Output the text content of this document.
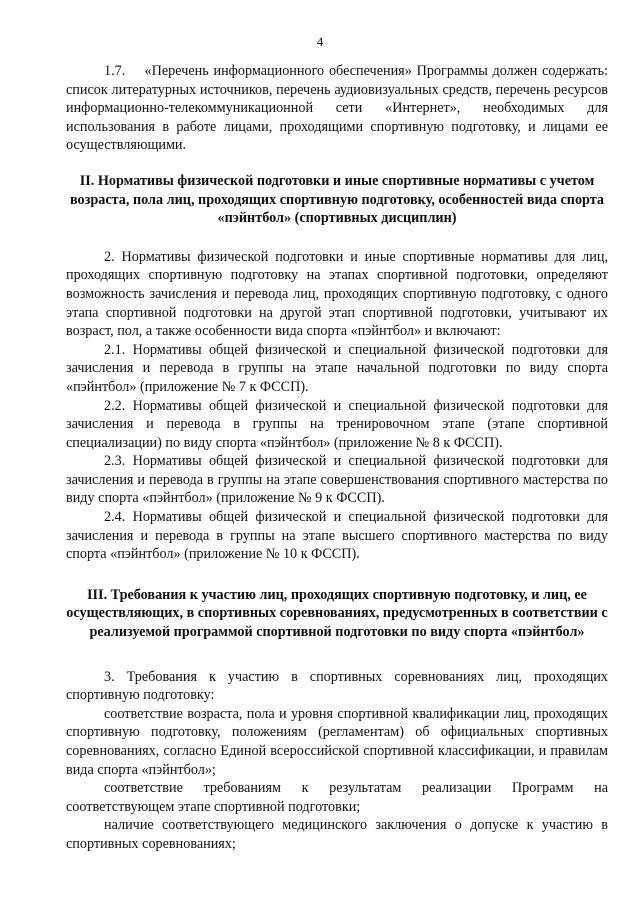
4

1.7.    «Перечень информационного обеспечения» Программы должен содержать: список литературных источников, перечень аудиовизуальных средств, перечень ресурсов информационно-телекоммуникационной сети «Интернет», необходимых для использования в работе лицами, проходящими спортивную подготовку, и лицами ее осуществляющими.

II. Нормативы физической подготовки и иные спортивные нормативы с учетом возраста, пола лиц, проходящих спортивную подготовку, особенностей вида спорта «пэйнтбол» (спортивных дисциплин)

2. Нормативы физической подготовки и иные спортивные нормативы для лиц, проходящих спортивную подготовку на этапах спортивной подготовки, определяют возможность зачисления и перевода лиц, проходящих спортивную подготовку, с одного этапа спортивной подготовки на другой этап спортивной подготовки, учитывают их возраст, пол, а также особенности вида спорта «пэйнтбол» и включают:

2.1. Нормативы общей физической и специальной физической подготовки для зачисления и перевода в группы на этапе начальной подготовки по виду спорта «пэйнтбол» (приложение № 7 к ФССП).

2.2. Нормативы общей физической и специальной физической подготовки для зачисления и перевода в группы на тренировочном этапе (этапе спортивной специализации) по виду спорта «пэйнтбол» (приложение № 8 к ФССП).

2.3. Нормативы общей физической и специальной физической подготовки для зачисления и перевода в группы на этапе совершенствования спортивного мастерства по виду спорта «пэйнтбол» (приложение № 9 к ФССП).

2.4. Нормативы общей физической и специальной физической подготовки для зачисления и перевода в группы на этапе высшего спортивного мастерства по виду спорта «пэйнтбол» (приложение № 10 к ФССП).

III. Требования к участию лиц, проходящих спортивную подготовку, и лиц, ее осуществляющих, в спортивных соревнованиях, предусмотренных в соответствии с реализуемой программой спортивной подготовки по виду спорта «пэйнтбол»

3. Требования к участию в спортивных соревнованиях лиц, проходящих спортивную подготовку:

соответствие возраста, пола и уровня спортивной квалификации лиц, проходящих спортивную подготовку, положениям (регламентам) об официальных спортивных соревнованиях, согласно Единой всероссийской спортивной классификации, и правилам вида спорта «пэйнтбол»;

соответствие требованиям к результатам реализации Программ на соответствующем этапе спортивной подготовки;

наличие соответствующего медицинского заключения о допуске к участию в спортивных соревнованиях;
